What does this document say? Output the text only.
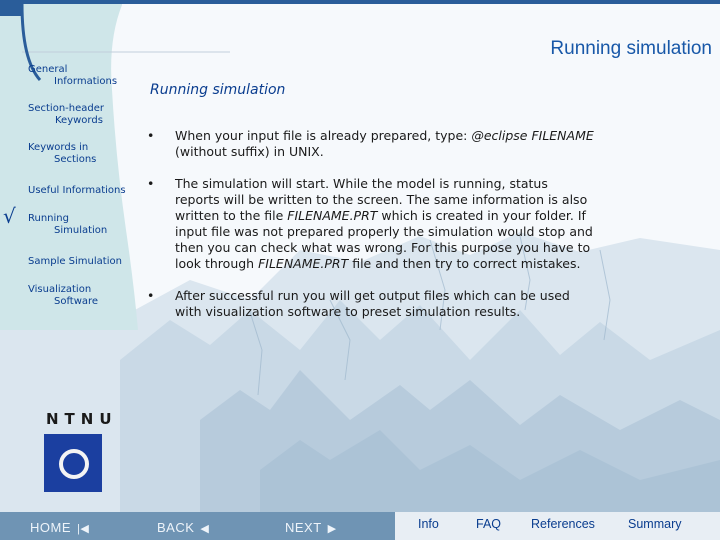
Running simulation
General
Informations
Section-header
Keywords
Keywords in
Sections
Useful Informations
√ Running
Simulation
Sample Simulation
Visualization
Software
Running simulation
• When your input file is already prepared, type: @eclipse FILENAME (without suffix) in UNIX.
• The simulation will start. While the model is running, status reports will be written to the screen. The same information is also written to the file FILENAME.PRT which is created in your folder. If input file was not prepared properly the simulation would stop and then you can check what was wrong. For this purpose you have to look through FILENAME.PRT file and then try to correct mistakes.
• After successful run you will get output files which can be used with visualization software to preset simulation results.
NTNU
HOME |◀	BACK ◀	NEXT ▶	Info	FAQ References	Summary
